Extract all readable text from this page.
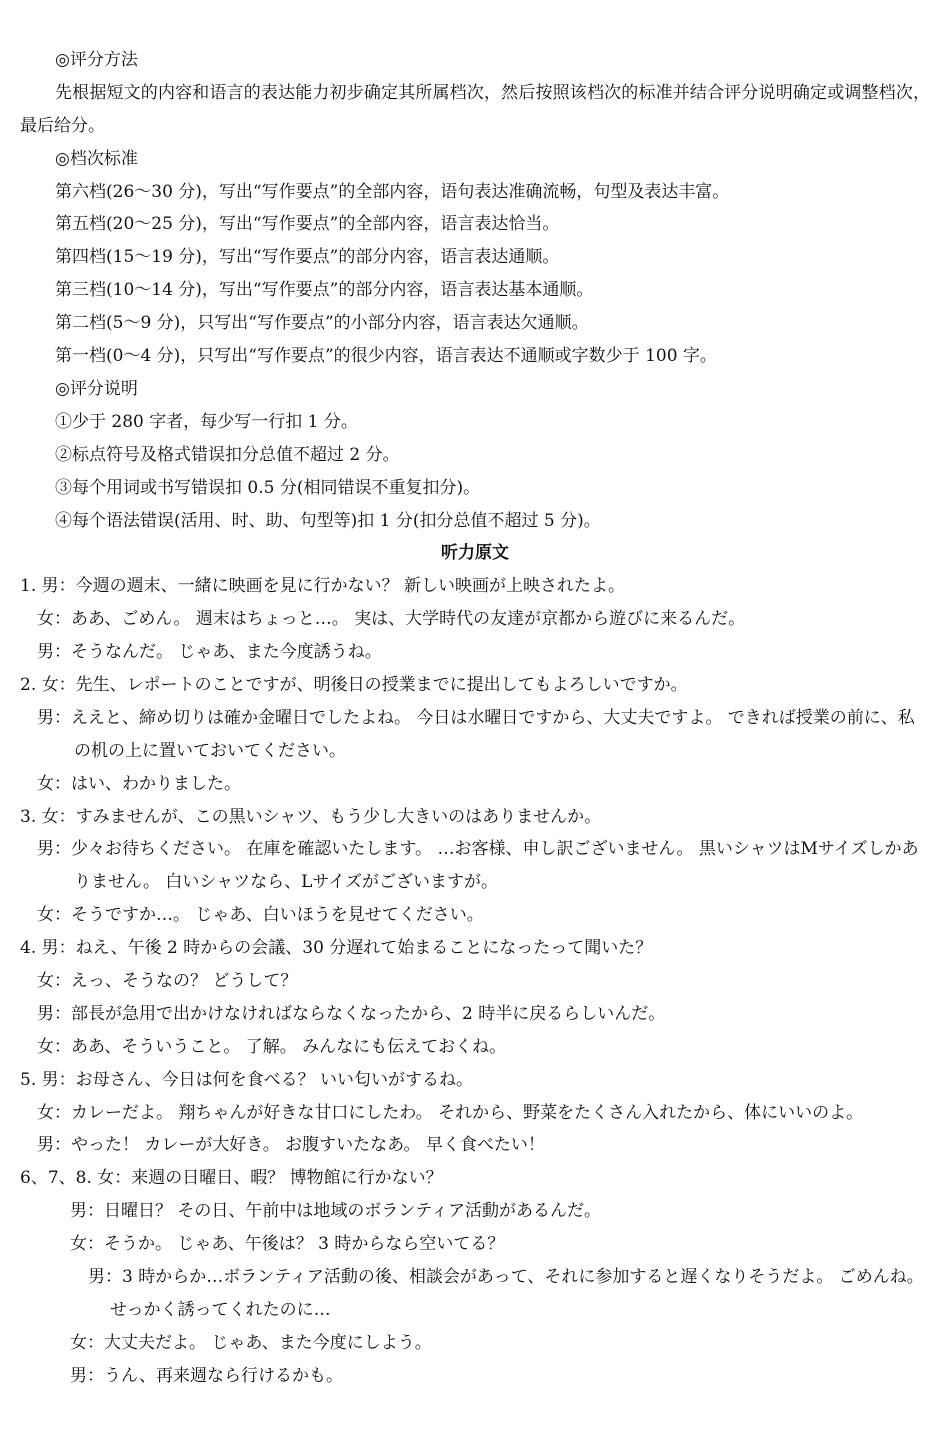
◎评分方法
先根据短文的内容和语言的表达能力初步确定其所属档次，然后按照该档次的标准并结合评分说明确定或调整档次，最后给分。
◎档次标准
第六档(26～30 分)，写出“写作要点”的全部内容，语句表达准确流畅，句型及表达丰富。
第五档(20～25 分)，写出“写作要点”的全部内容，语言表达恰当。
第四档(15～19 分)，写出“写作要点”的部分内容，语言表达通顺。
第三档(10～14 分)，写出“写作要点”的部分内容，语言表达基本通顺。
第二档(5～9 分)，只写出“写作要点”的小部分内容，语言表达欠通顺。
第一档(0～4 分)，只写出“写作要点”的很少内容，语言表达不通顺或字数少于 100 字。
◎评分说明
①少于 280 字者，每少写一行扣 1 分。
②标点符号及格式错误扣分总值不超过 2 分。
③每个用词或书写错误扣 0.5 分(相同错误不重复扣分)。
④每个语法错误(活用、时、助、句型等)扣 1 分(扣分总值不超过 5 分)。
听力原文
1. 男：今週の週末、一緒に映画を見に行かない？ 新しい映画が上映されたよ。
女：ああ、ごめん。 週末はちょっと…。 実は、大学時代の友達が京都から遊びに来るんだ。
男：そうなんだ。 じゃあ、また今度誘うね。
2. 女：先生、レポートのことですが、明後日の授業までに提出してもよろしいですか。
男：ええと、締め切りは確か金曜日でしたよね。 今日は水曜日ですから、大丈夫ですよ。 できれば授業の前に、私の机の上に置いておいてください。
女：はい、わかりました。
3. 女：すみませんが、この黒いシャツ、もう少し大きいのはありませんか。
男：少々お待ちください。 在庫を確認いたします。 …お客様、申し訳ございません。 黒いシャツはMサイズしかありません。 白いシャツなら、Lサイズがございますが。
女：そうですか…。 じゃあ、白いほうを見せてください。
4. 男：ねえ、午後 2 時からの会議、30 分遅れて始まることになったって聞いた？
女：えっ、そうなの？ どうして？
男：部長が急用で出かけなければならなくなったから、2 時半に戻るらしいんだ。
女：ああ、そういうこと。 了解。 みんなにも伝えておくね。
5. 男：お母さん、今日は何を食べる？ いい匂いがするね。
女：カレーだよ。 翔ちゃんが好きな甘口にしたわ。 それから、野菜をたくさん入れたから、体にいいのよ。
男：やった！ カレーが大好き。 お腹すいたなあ。 早く食べたい！
6、7、8. 女：来週の日曜日、暇？ 博物館に行かない？
男：日曜日？ その日、午前中は地域のボランティア活動があるんだ。
女：そうか。 じゃあ、午後は？ 3 時からなら空いてる？
男：3 時からか…ボランティア活動の後、相談会があって、それに参加すると遅くなりそうだよ。 ごめんね。 せっかく誘ってくれたのに…
女：大丈夫だよ。 じゃあ、また今度にしよう。
男：うん、再来週なら行けるかも。
